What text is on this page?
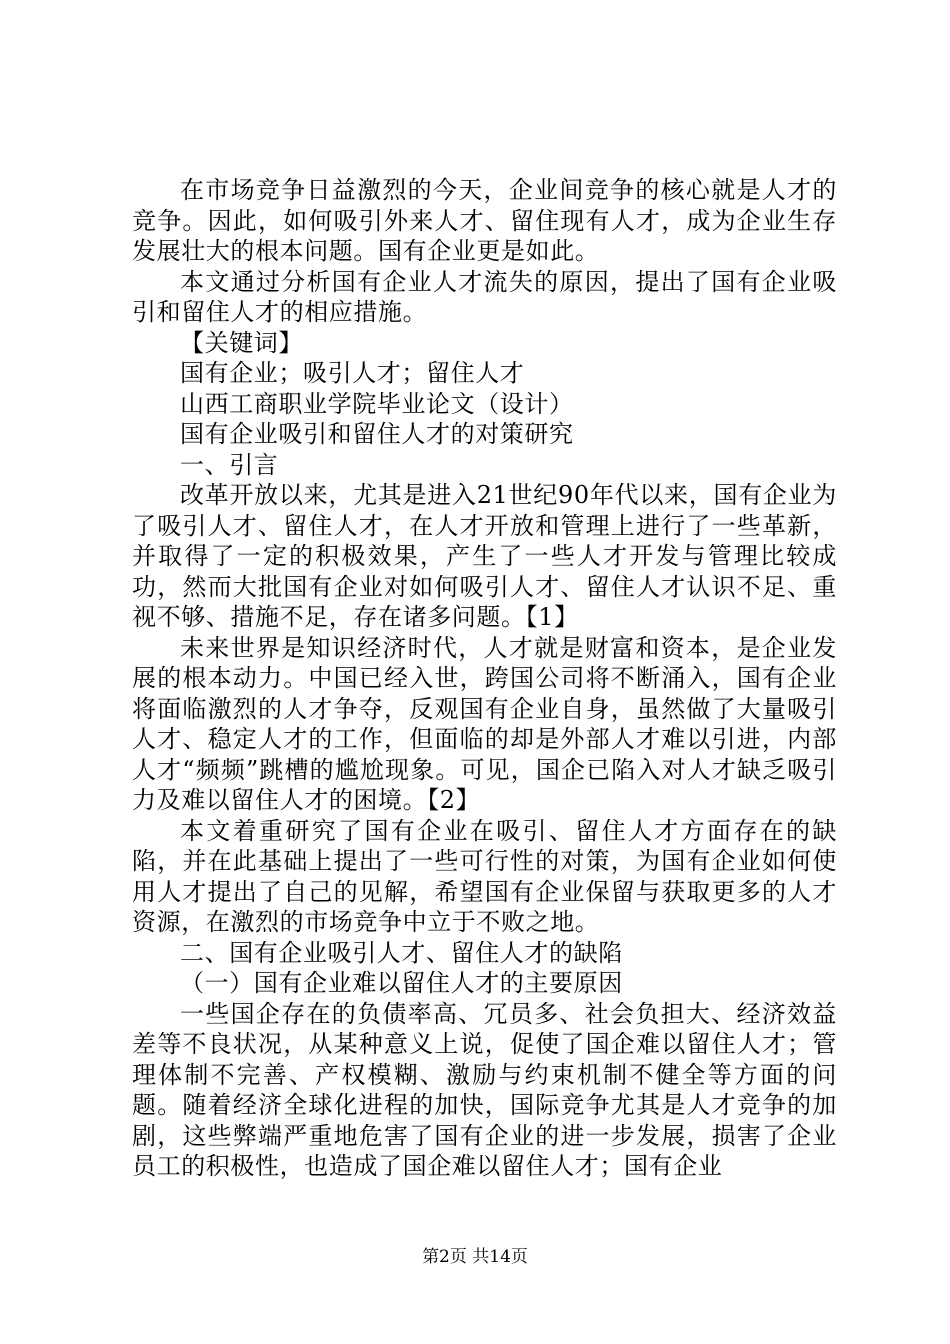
在市场竞争日益激烈的今天，企业间竞争的核心就是人才的竞争。因此，如何吸引外来人才、留住现有人才，成为企业生存发展壮大的根本问题。国有企业更是如此。

本文通过分析国有企业人才流失的原因，提出了国有企业吸引和留住人才的相应措施。

【关键词】

国有企业；吸引人才；留住人才

山西工商职业学院毕业论文（设计）

国有企业吸引和留住人才的对策研究

一、引言

改革开放以来，尤其是进入21世纪90年代以来，国有企业为了吸引人才、留住人才，在人才开放和管理上进行了一些革新，并取得了一定的积极效果，产生了一些人才开发与管理比较成功，然而大批国有企业对如何吸引人才、留住人才认识不足、重视不够、措施不足，存在诸多问题。【1】

未来世界是知识经济时代，人才就是财富和资本，是企业发展的根本动力。中国已经入世，跨国公司将不断涌入，国有企业将面临激烈的人才争夺，反观国有企业自身，虽然做了大量吸引人才、稳定人才的工作，但面临的却是外部人才难以引进，内部人才“频频”跳槽的尴尬现象。可见，国企已陷入对人才缺乏吸引力及难以留住人才的困境。【2】

本文着重研究了国有企业在吸引、留住人才方面存在的缺陷，并在此基础上提出了一些可行性的对策，为国有企业如何使用人才提出了自己的见解，希望国有企业保留与获取更多的人才资源，在激烈的市场竞争中立于不败之地。

二、国有企业吸引人才、留住人才的缺陷

（一）国有企业难以留住人才的主要原因

一些国企存在的负债率高、冗员多、社会负担大、经济效益差等不良状况，从某种意义上说，促使了国企难以留住人才；管理体制不完善、产权模糊、激励与约束机制不健全等方面的问题。随着经济全球化进程的加快，国际竞争尤其是人才竞争的加剧，这些弊端严重地危害了国有企业的进一步发展，损害了企业员工的积极性，也造成了国企难以留住人才；国有企业

第2页 共14页
